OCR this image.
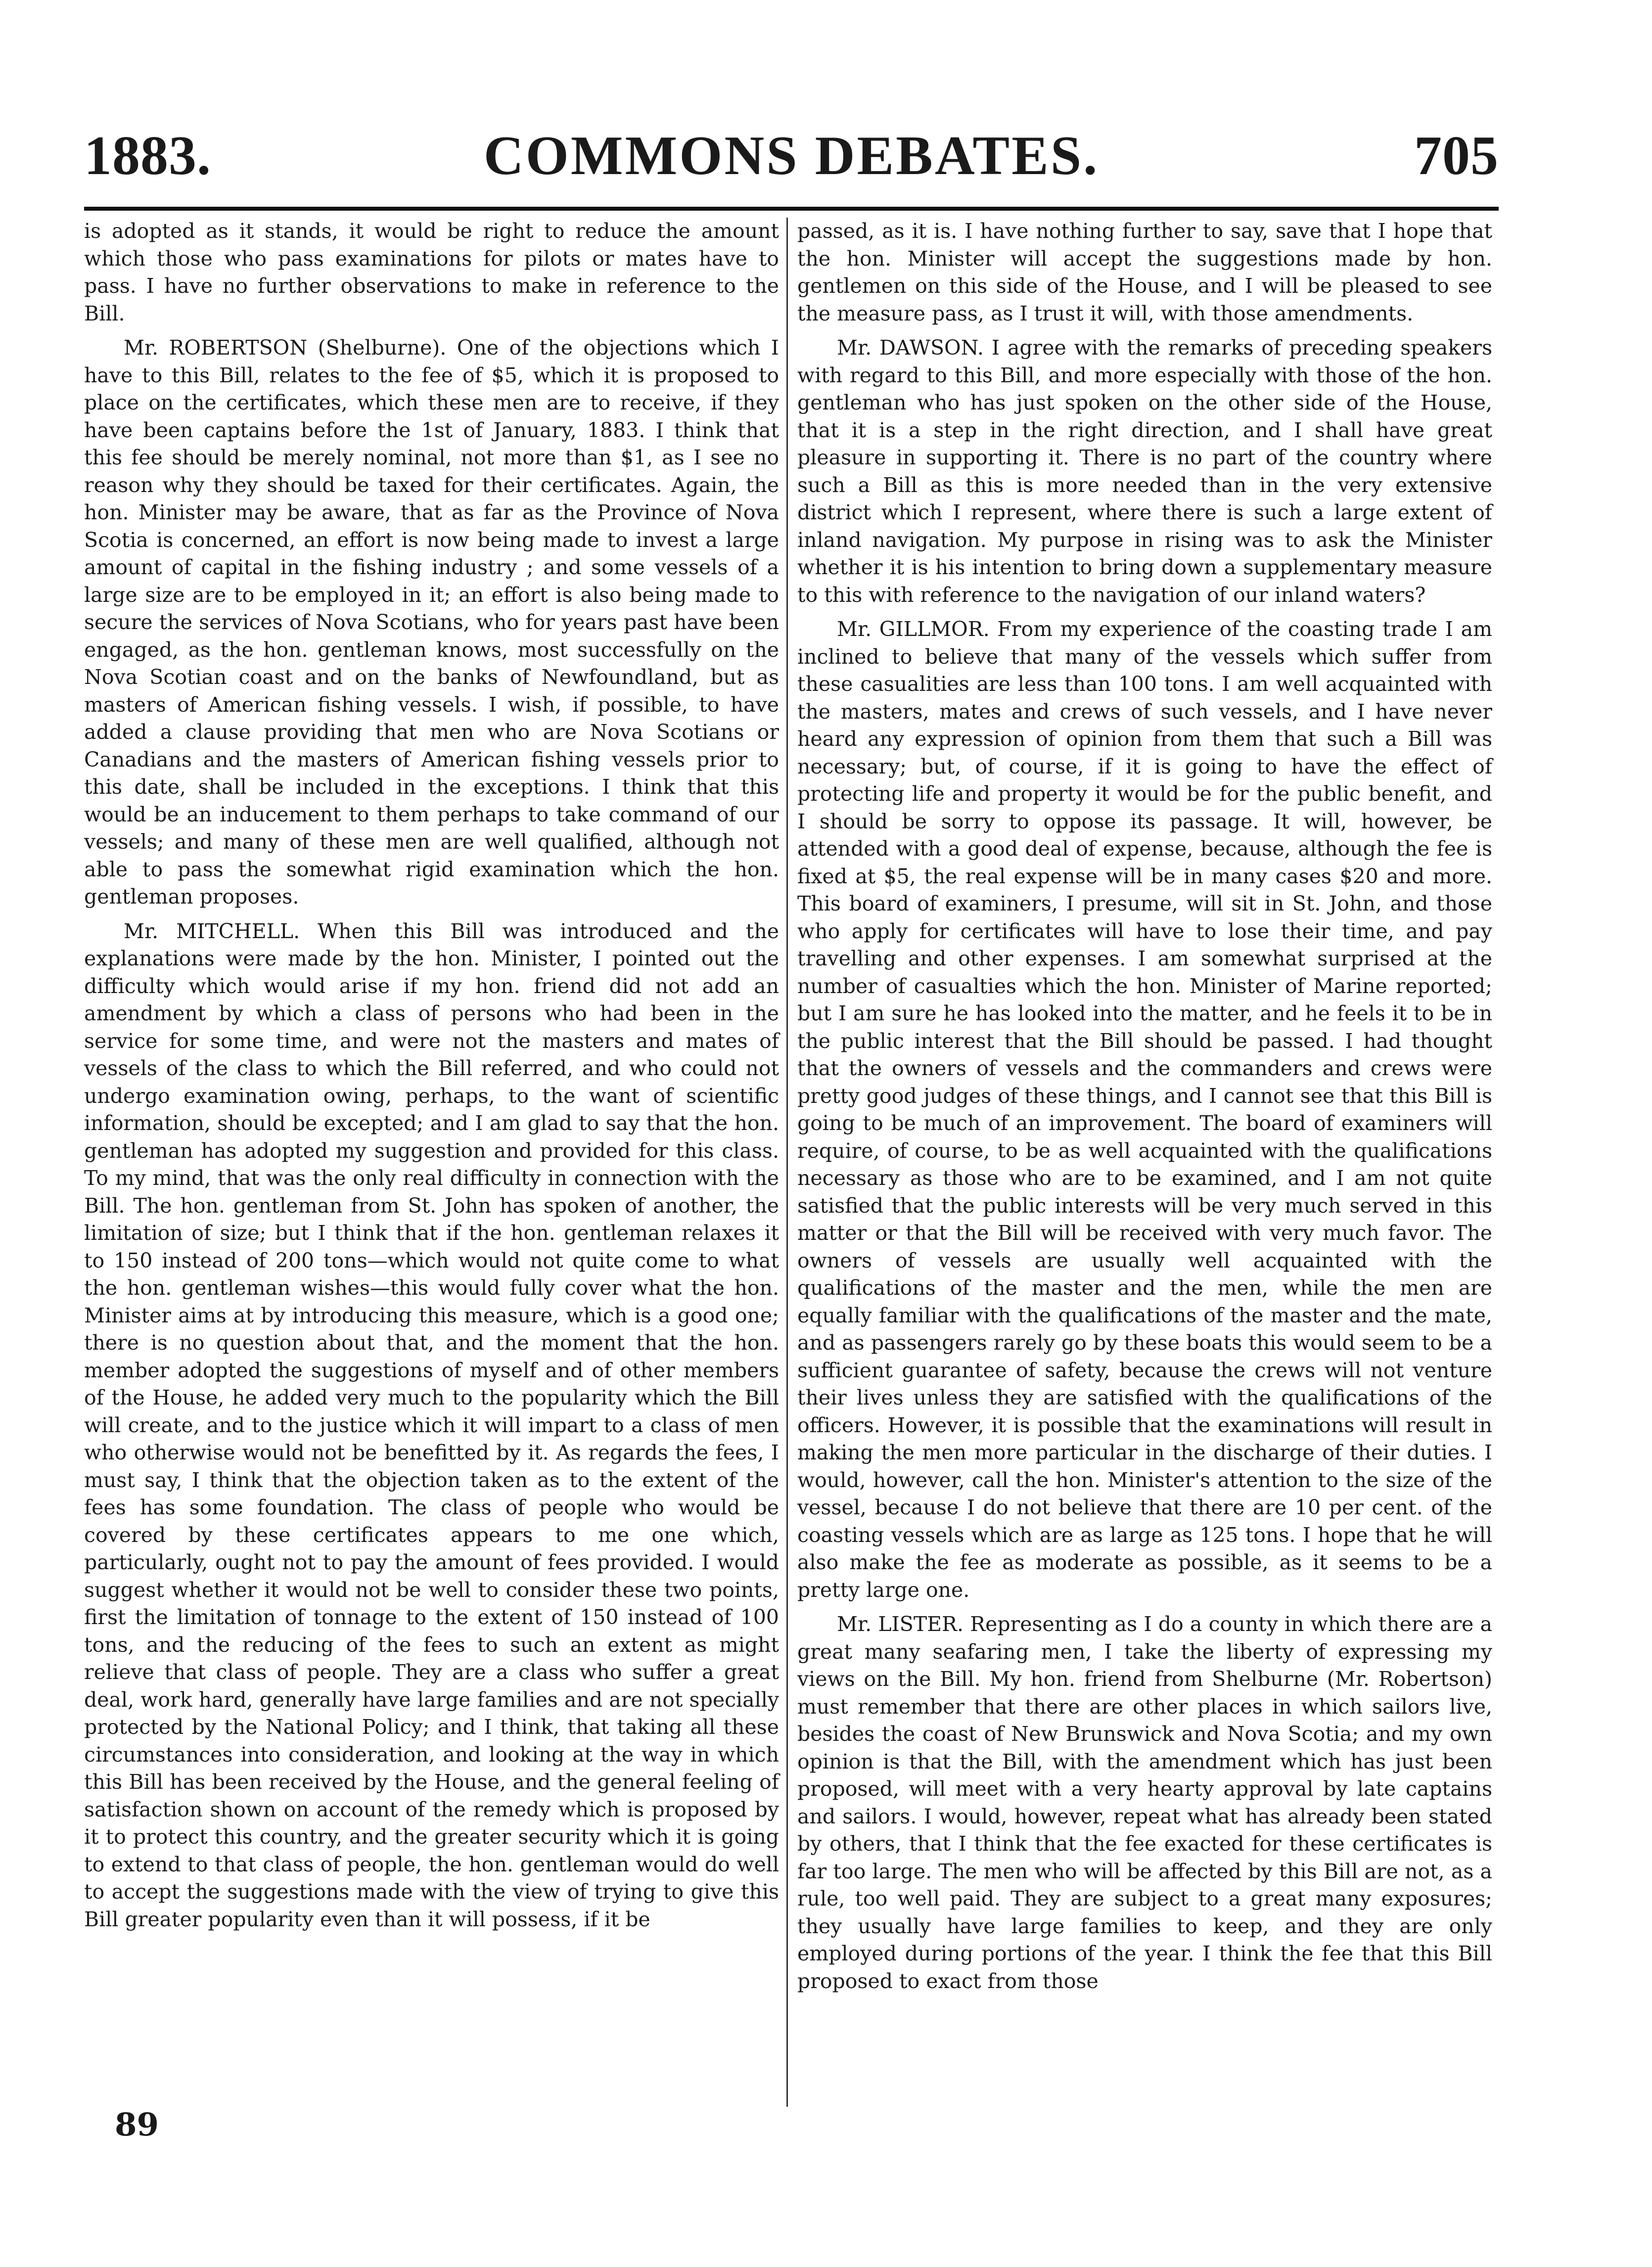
COMMONS DEBATES.
1883.	705

is adopted as it stands, it would be right to reduce the amount which those who pass examinations for pilots or mates have to pass. I have no further observations to make in reference to the Bill.

Mr. ROBERTSON (Shelburne). One of the objections which I have to this Bill, relates to the fee of $5, which it is proposed to place on the certificates, which these men are to receive, if they have been captains before the 1st of January, 1883. I think that this fee should be merely nominal, not more than $1, as I see no reason why they should be taxed for their certificates. Again, the hon. Minister may be aware, that as far as the Province of Nova Scotia is concerned, an effort is now being made to invest a large amount of capital in the fishing industry ; and some vessels of a large size are to be employed in it; an effort is also being made to secure the services of Nova Scotians, who for years past have been engaged, as the hon. gentleman knows, most successfully on the Nova Scotian coast and on the banks of Newfoundland, but as masters of American fishing vessels. I wish, if possible, to have added a clause providing that men who are Nova Scotians or Canadians and the masters of American fishing vessels prior to this date, shall be included in the exceptions. I think that this would be an inducement to them perhaps to take command of our vessels; and many of these men are well qualified, although not able to pass the somewhat rigid examination which the hon. gentleman proposes.

Mr. MITCHELL. When this Bill was introduced and the explanations were made by the hon. Minister, I pointed out the difficulty which would arise if my hon. friend did not add an amendment by which a class of persons who had been in the service for some time, and were not the masters and mates of vessels of the class to which the Bill referred, and who could not undergo examination owing, perhaps, to the want of scientific information, should be excepted; and I am glad to say that the hon. gentleman has adopted my suggestion and provided for this class. To my mind, that was the only real difficulty in connection with the Bill. The hon. gentleman from St. John has spoken of another, the limitation of size; but I think that if the hon. gentleman relaxes it to 150 instead of 200 tons—which would not quite come to what the hon. gentleman wishes—this would fully cover what the hon. Minister aims at by introducing this measure, which is a good one; there is no question about that, and the moment that the hon. member adopted the suggestions of myself and of other members of the House, he added very much to the popularity which the Bill will create, and to the justice which it will impart to a class of men who otherwise would not be benefitted by it. As regards the fees, I must say, I think that the objection taken as to the extent of the fees has some foundation. The class of people who would be covered by these certificates appears to me one which, particularly, ought not to pay the amount of fees provided. I would suggest whether it would not be well to consider these two points, first the limitation of tonnage to the extent of 150 instead of 100 tons, and the reducing of the fees to such an extent as might relieve that class of people. They are a class who suffer a great deal, work hard, generally have large families and are not specially protected by the National Policy; and I think, that taking all these circumstances into consideration, and looking at the way in which this Bill has been received by the House, and the general feeling of satisfaction shown on account of the remedy which is proposed by it to protect this country, and the greater security which it is going to extend to that class of people, the hon. gentleman would do well to accept the suggestions made with the view of trying to give this Bill greater popularity even than it will possess, if it be

passed, as it is. I have nothing further to say, save that I hope that the hon. Minister will accept the suggestions made by hon. gentlemen on this side of the House, and I will be pleased to see the measure pass, as I trust it will, with those amendments.

Mr. DAWSON. I agree with the remarks of preceding speakers with regard to this Bill, and more especially with those of the hon. gentleman who has just spoken on the other side of the House, that it is a step in the right direction, and I shall have great pleasure in supporting it. There is no part of the country where such a Bill as this is more needed than in the very extensive district which I represent, where there is such a large extent of inland navigation. My purpose in rising was to ask the Minister whether it is his intention to bring down a supplementary measure to this with reference to the navigation of our inland waters?

Mr. GILLMOR. From my experience of the coasting trade I am inclined to believe that many of the vessels which suffer from these casualities are less than 100 tons. I am well acquainted with the masters, mates and crews of such vessels, and I have never heard any expression of opinion from them that such a Bill was necessary; but, of course, if it is going to have the effect of protecting life and property it would be for the public benefit, and I should be sorry to oppose its passage. It will, however, be attended with a good deal of expense, because, although the fee is fixed at $5, the real expense will be in many cases $20 and more. This board of examiners, I presume, will sit in St. John, and those who apply for certificates will have to lose their time, and pay travelling and other expenses. I am somewhat surprised at the number of casualties which the hon. Minister of Marine reported; but I am sure he has looked into the matter, and he feels it to be in the public interest that the Bill should be passed. I had thought that the owners of vessels and the commanders and crews were pretty good judges of these things, and I cannot see that this Bill is going to be much of an improvement. The board of examiners will require, of course, to be as well acquainted with the qualifications necessary as those who are to be examined, and I am not quite satisfied that the public interests will be very much served in this matter or that the Bill will be received with very much favor. The owners of vessels are usually well acquainted with the qualifications of the master and the men, while the men are equally familiar with the qualifications of the master and the mate, and as passengers rarely go by these boats this would seem to be a sufficient guarantee of safety, because the crews will not venture their lives unless they are satisfied with the qualifications of the officers. However, it is possible that the examinations will result in making the men more particular in the discharge of their duties. I would, however, call the hon. Minister's attention to the size of the vessel, because I do not believe that there are 10 per cent. of the coasting vessels which are as large as 125 tons. I hope that he will also make the fee as moderate as possible, as it seems to be a pretty large one.

Mr. LISTER. Representing as I do a county in which there are a great many seafaring men, I take the liberty of expressing my views on the Bill. My hon. friend from Shelburne (Mr. Robertson) must remember that there are other places in which sailors live, besides the coast of New Brunswick and Nova Scotia; and my own opinion is that the Bill, with the amendment which has just been proposed, will meet with a very hearty approval by late captains and sailors. I would, however, repeat what has already been stated by others, that I think that the fee exacted for these certificates is far too large. The men who will be affected by this Bill are not, as a rule, too well paid. They are subject to a great many exposures; they usually have large families to keep, and they are only employed during portions of the year. I think the fee that this Bill proposed to exact from those

89
